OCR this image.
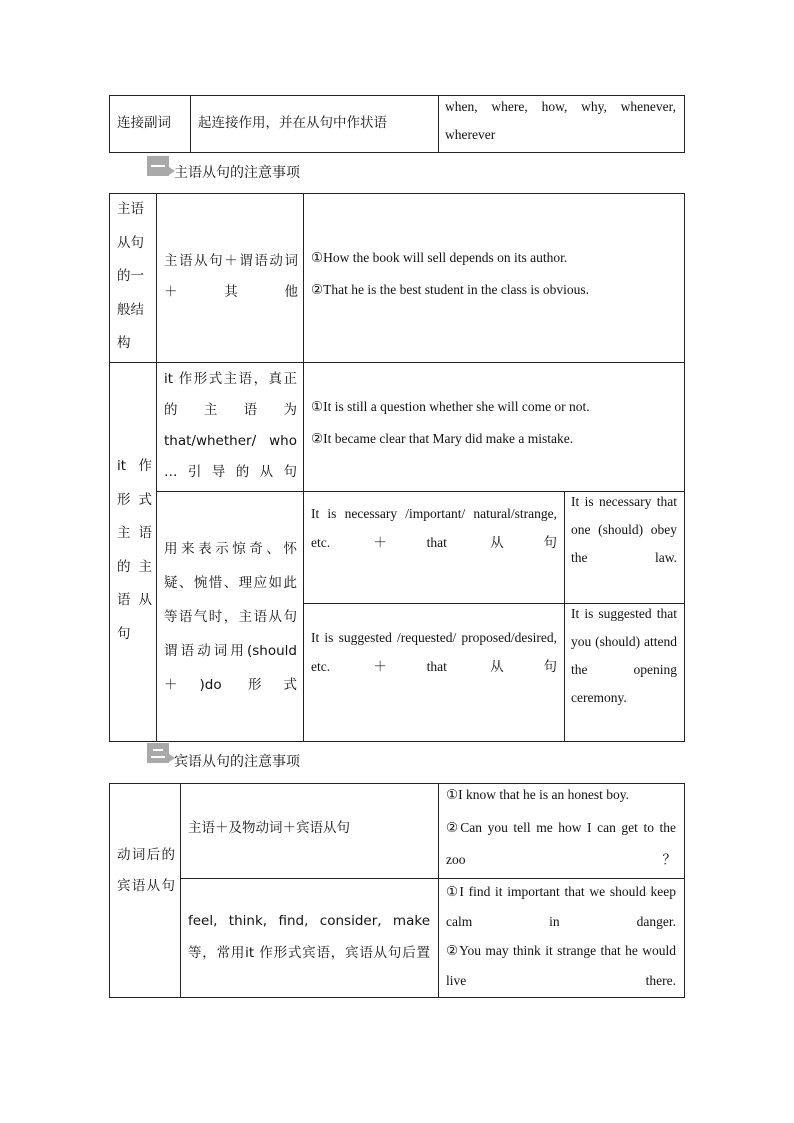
连接副词	起连接作用，并在从句中作状语
when, where, how, why, whenever, wherever
主语从句的注意事项
主语从句的一般结构
主语从句＋谓语动词＋其他
①How the book will sell depends on its author.
②That he is the best student in the class is obvious.
it 作形式主语的主语从句
it 作形式主语，真正的主语为that/whether/ who …引导的从句
①It is still a question whether she will come or not.
②It became clear that Mary did make a mistake.
用来表示惊奇、怀疑、惋惜、理应如此等语气时，主语从句谓语动词用(should ＋)do 形式
It is necessary /important/ natural/strange, etc. ＋that 从句
It is necessary that one (should) obey the law.
It is suggested /requested/ proposed/desired, etc. ＋that 从句
It is suggested that you (should) attend the opening ceremony.
宾语从句的注意事项
动词后的宾语从句
主语＋及物动词＋宾语从句
①I know that he is an honest boy.
②Can you tell me how I can get to the zoo？
feel, think, find, consider, make 等，常用it 作形式宾语，宾语从句后置
①I find it important that we should keep calm in danger.
②You may think it strange that he would live there.
